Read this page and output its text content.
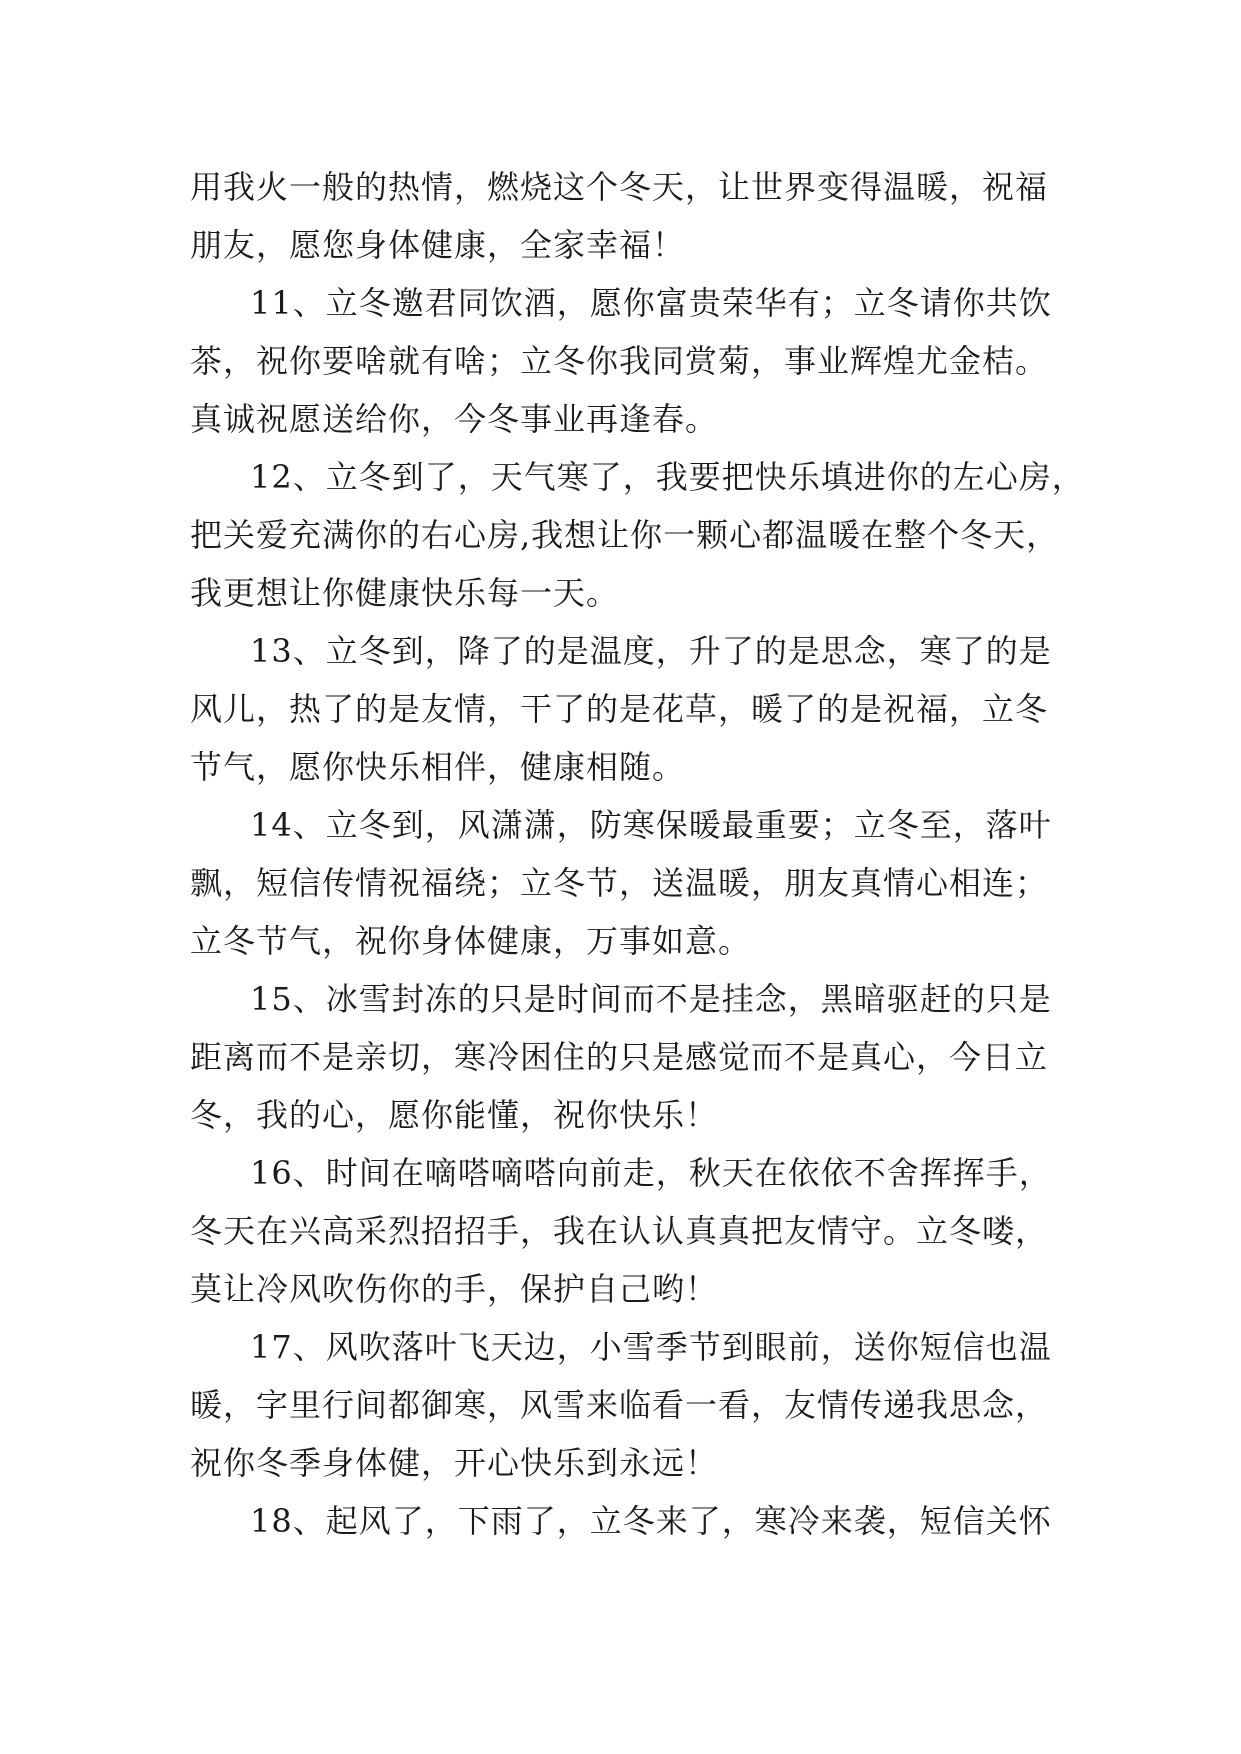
用我火一般的热情，燃烧这个冬天，让世界变得温暖，祝福
朋友，愿您身体健康，全家幸福！
11、立冬邀君同饮酒，愿你富贵荣华有；立冬请你共饮
茶，祝你要啥就有啥；立冬你我同赏菊，事业辉煌尤金桔。
真诚祝愿送给你，今冬事业再逢春。
12、立冬到了，天气寒了，我要把快乐填进你的左心房，
把关爱充满你的右心房,我想让你一颗心都温暖在整个冬天，
我更想让你健康快乐每一天。
13、立冬到，降了的是温度，升了的是思念，寒了的是
风儿，热了的是友情，干了的是花草，暖了的是祝福，立冬
节气，愿你快乐相伴，健康相随。
14、立冬到，风潇潇，防寒保暖最重要；立冬至，落叶
飘，短信传情祝福绕；立冬节，送温暖，朋友真情心相连；
立冬节气，祝你身体健康，万事如意。
15、冰雪封冻的只是时间而不是挂念，黑暗驱赶的只是
距离而不是亲切，寒冷困住的只是感觉而不是真心，今日立
冬，我的心，愿你能懂，祝你快乐！
16、时间在嘀嗒嘀嗒向前走，秋天在依依不舍挥挥手，
冬天在兴高采烈招招手，我在认认真真把友情守。立冬喽，
莫让冷风吹伤你的手，保护自己哟！
17、风吹落叶飞天边，小雪季节到眼前，送你短信也温
暖，字里行间都御寒，风雪来临看一看，友情传递我思念，
祝你冬季身体健，开心快乐到永远！
18、起风了，下雨了，立冬来了，寒冷来袭，短信关怀
